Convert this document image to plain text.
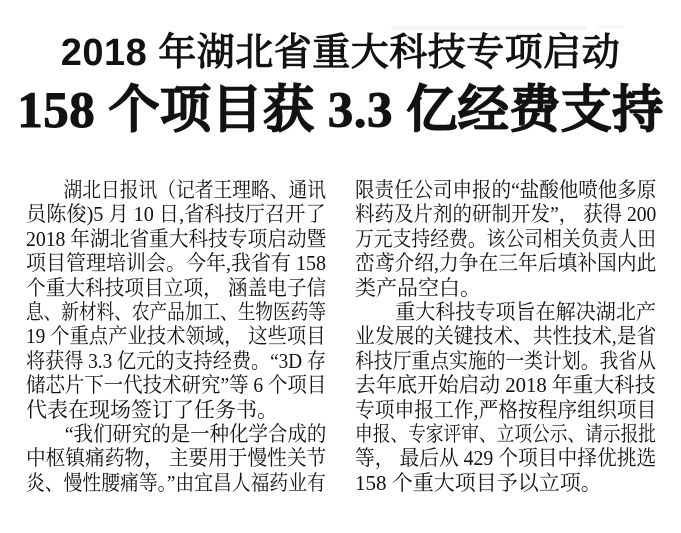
2018 年湖北省重大科技专项启动
158 个项目获 3.3 亿经费支持
　　湖北日报讯（记者王理略、通讯
员陈俊)5 月 10 日,省科技厅召开了
2018 年湖北省重大科技专项启动暨
项目管理培训会。今年,我省有 158
个重大科技项目立项， 涵盖电子信
息、新材料、农产品加工、生物医药等
19 个重点产业技术领域， 这些项目
将获得 3.3 亿元的支持经费。“3D 存
储芯片下一代技术研究”等 6 个项目
代表在现场签订了任务书。
　　“我们研究的是一种化学合成的
中枢镇痛药物， 主要用于慢性关节
炎、慢性腰痛等。”由宜昌人福药业有
限责任公司申报的“盐酸他喷他多原
料药及片剂的研制开发”， 获得 200
万元支持经费。该公司相关负责人田
峦鸢介绍,力争在三年后填补国内此
类产品空白。
　　重大科技专项旨在解决湖北产
业发展的关键技术、共性技术,是省
科技厅重点实施的一类计划。我省从
去年底开始启动 2018 年重大科技
专项申报工作,严格按程序组织项目
申报、专家评审、立项公示、请示报批
等， 最后从 429 个项目中择优挑选
158 个重大项目予以立项。
